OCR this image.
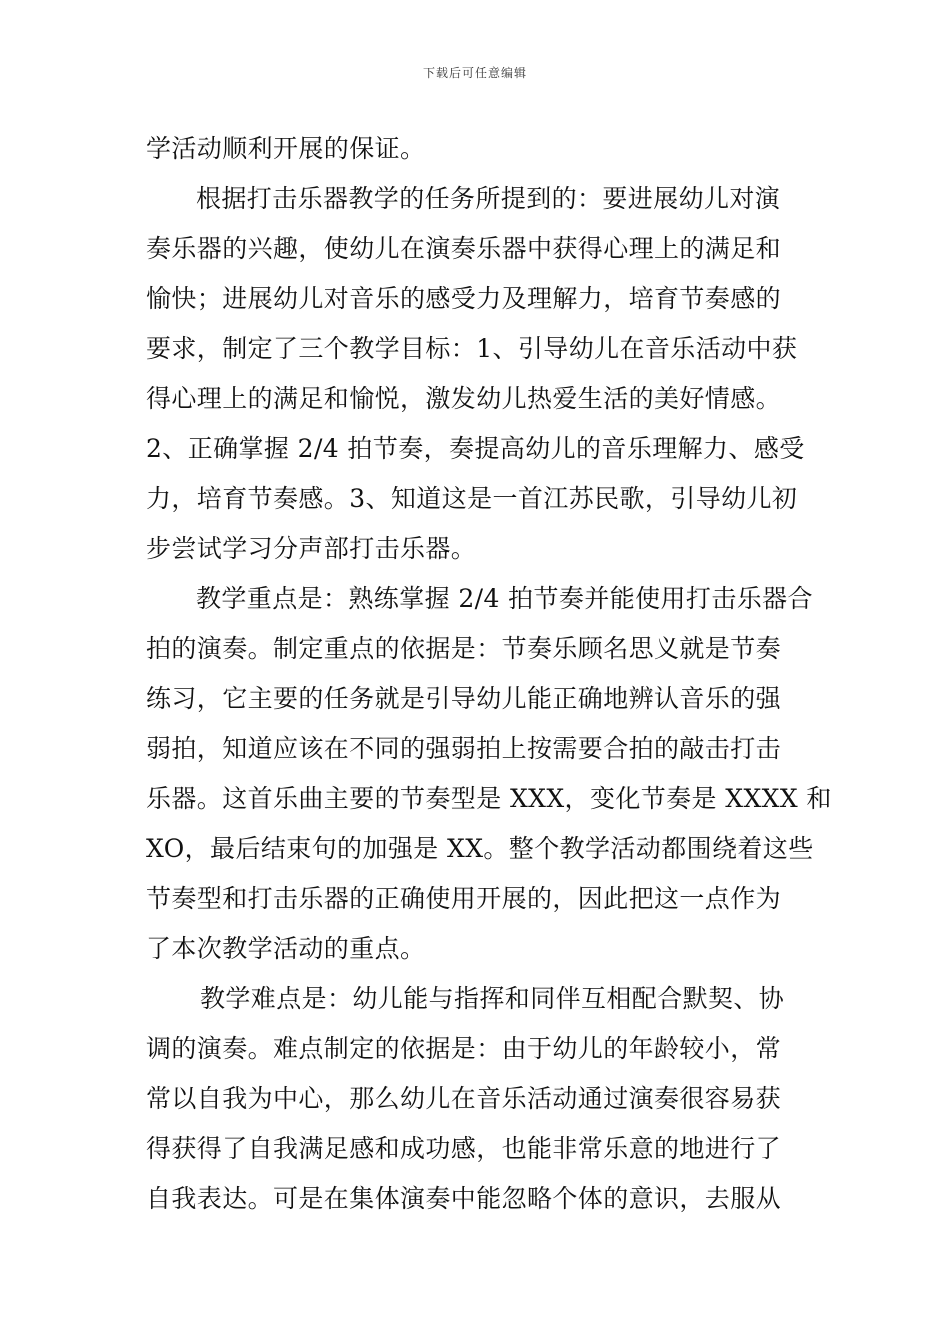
下载后可任意编辑
学活动顺利开展的保证。
根据打击乐器教学的任务所提到的：要进展幼儿对演
奏乐器的兴趣，使幼儿在演奏乐器中获得心理上的满足和
愉快；进展幼儿对音乐的感受力及理解力，培育节奏感的
要求，制定了三个教学目标：1、引导幼儿在音乐活动中获
得心理上的满足和愉悦，激发幼儿热爱生活的美好情感。
2、正确掌握 2/4 拍节奏，奏提高幼儿的音乐理解力、感受
力，培育节奏感。3、知道这是一首江苏民歌，引导幼儿初
步尝试学习分声部打击乐器。
教学重点是：熟练掌握 2/4 拍节奏并能使用打击乐器合
拍的演奏。制定重点的依据是：节奏乐顾名思义就是节奏
练习，它主要的任务就是引导幼儿能正确地辨认音乐的强
弱拍，知道应该在不同的强弱拍上按需要合拍的敲击打击
乐器。这首乐曲主要的节奏型是 XXX，变化节奏是 XXXX 和
XO，最后结束句的加强是 XX。整个教学活动都围绕着这些
节奏型和打击乐器的正确使用开展的，因此把这一点作为
了本次教学活动的重点。
教学难点是：幼儿能与指挥和同伴互相配合默契、协
调的演奏。难点制定的依据是：由于幼儿的年龄较小，常
常以自我为中心，那么幼儿在音乐活动通过演奏很容易获
得获得了自我满足感和成功感，也能非常乐意的地进行了
自我表达。可是在集体演奏中能忽略个体的意识，去服从
